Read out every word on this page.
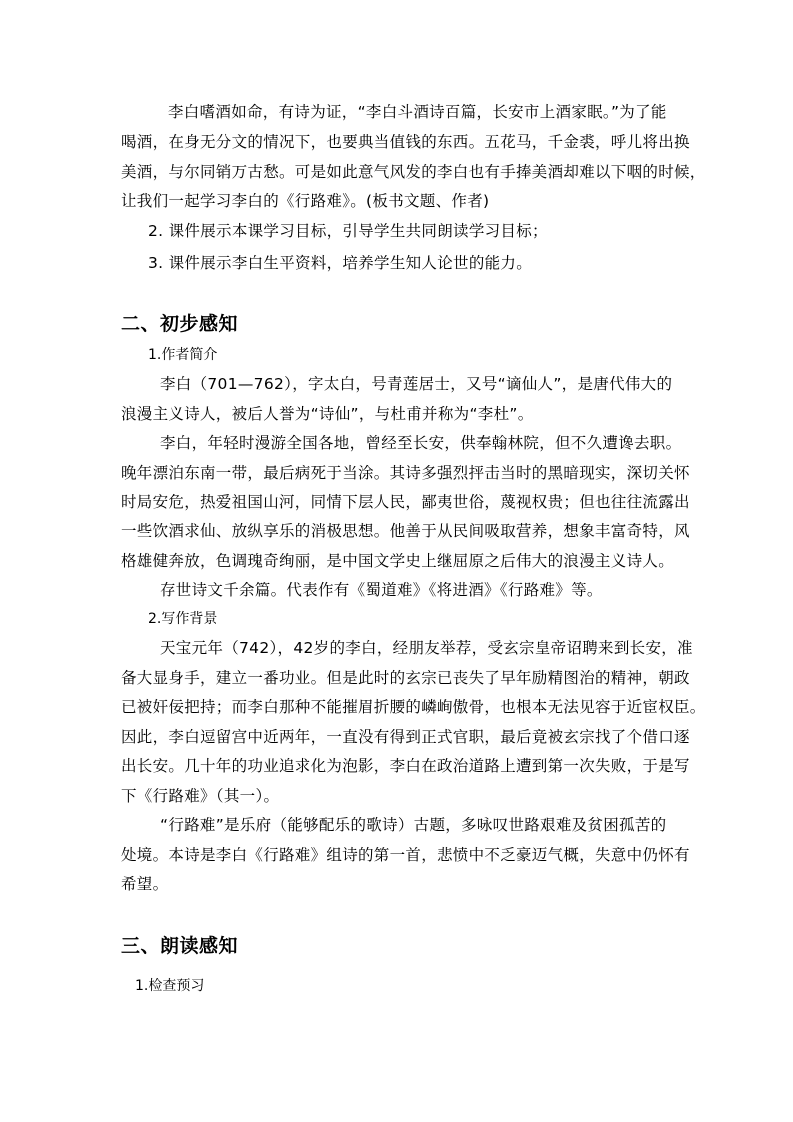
李白嗜酒如命，有诗为证，“李白斗酒诗百篇，长安市上酒家眠。”为了能
喝酒，在身无分文的情况下，也要典当值钱的东西。五花马，千金裘，呼儿将出换
美酒，与尔同销万古愁。可是如此意气风发的李白也有手捧美酒却难以下咽的时候，
让我们一起学习李白的《行路难》。(板书文题、作者)
2. 课件展示本课学习目标，引导学生共同朗读学习目标；
3. 课件展示李白生平资料，培养学生知人论世的能力。
二、初步感知
1.作者简介
李白（701—762），字太白，号青莲居士，又号“谪仙人”，是唐代伟大的
浪漫主义诗人，被后人誉为“诗仙”，与杜甫并称为“李杜”。
李白，年轻时漫游全国各地，曾经至长安，供奉翰林院，但不久遭谗去职。
晚年漂泊东南一带，最后病死于当涂。其诗多强烈抨击当时的黑暗现实，深切关怀
时局安危，热爱祖国山河，同情下层人民，鄙夷世俗，蔑视权贵；但也往往流露出
一些饮酒求仙、放纵享乐的消极思想。他善于从民间吸取营养，想象丰富奇特，风
格雄健奔放，色调瑰奇绚丽，是中国文学史上继屈原之后伟大的浪漫主义诗人。
存世诗文千余篇。代表作有《蜀道难》《将进酒》《行路难》等。
2.写作背景
天宝元年（742），42岁的李白，经朋友举荐，受玄宗皇帝诏聘来到长安，准
备大显身手，建立一番功业。但是此时的玄宗已丧失了早年励精图治的精神，朝政
已被奸佞把持；而李白那种不能摧眉折腰的嶙峋傲骨，也根本无法见容于近宦权臣。
因此，李白逗留宫中近两年，一直没有得到正式官职，最后竟被玄宗找了个借口逐
出长安。几十年的功业追求化为泡影，李白在政治道路上遭到第一次失败，于是写
下《行路难》（其一）。
“行路难”是乐府（能够配乐的歌诗）古题，多咏叹世路艰难及贫困孤苦的
处境。本诗是李白《行路难》组诗的第一首，悲愤中不乏豪迈气概，失意中仍怀有
希望。
三、朗读感知
1.检查预习
